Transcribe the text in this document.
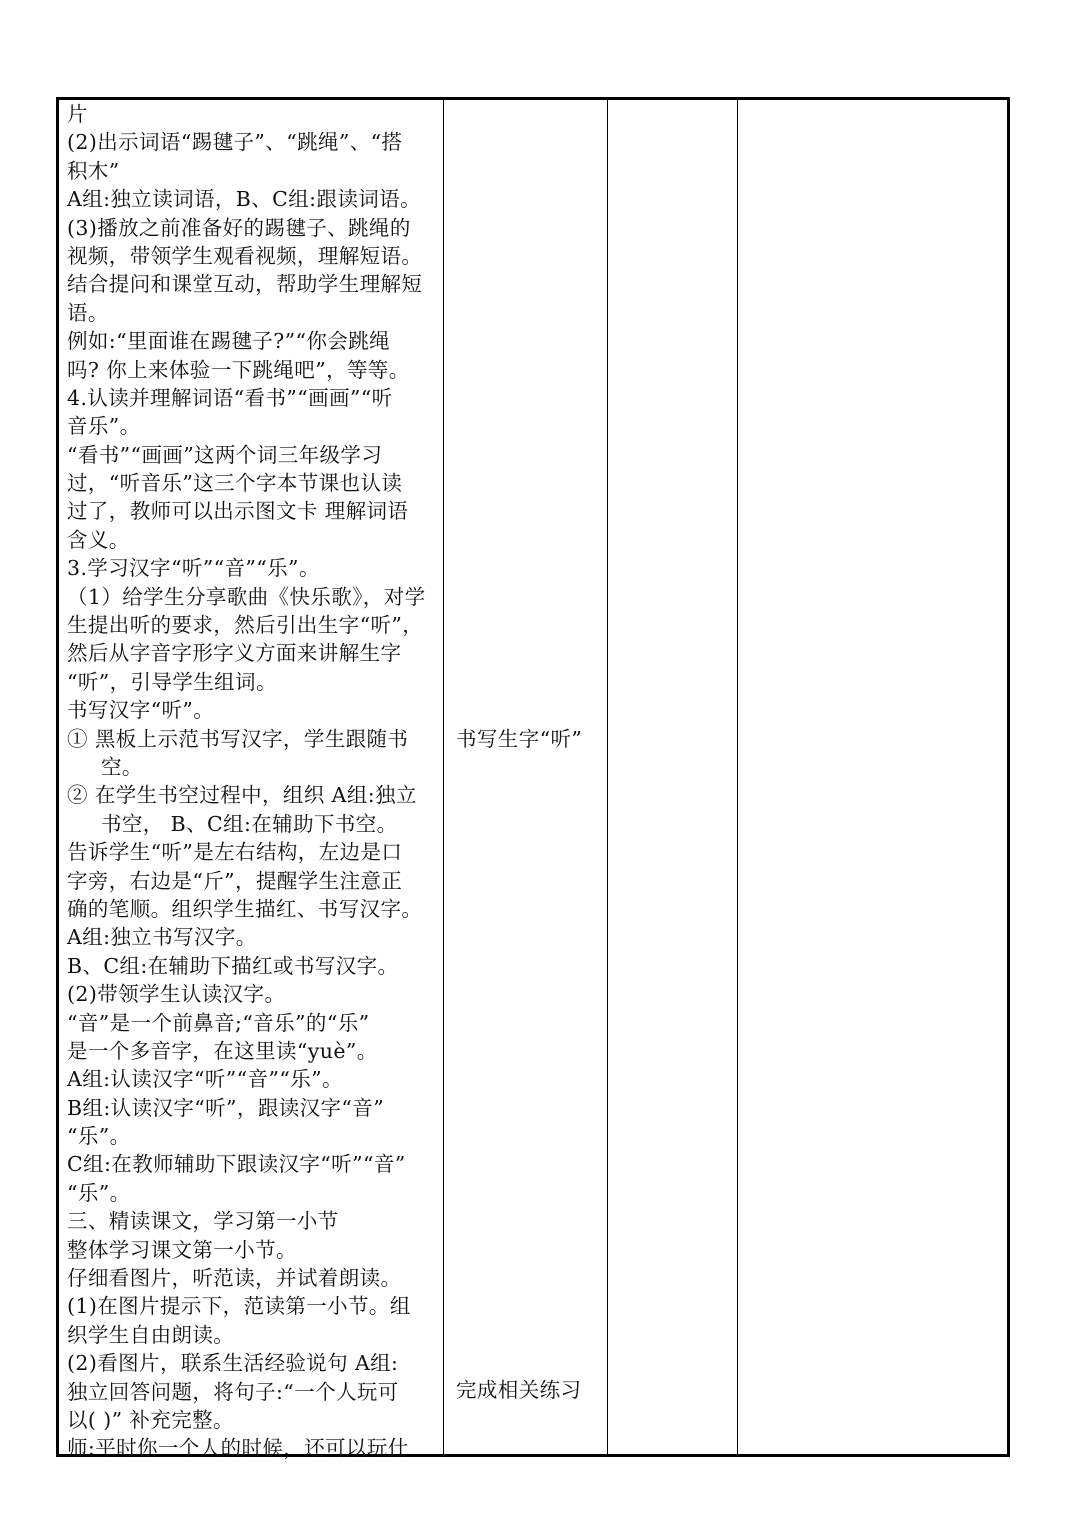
片
(2)出示词语“踢毽子”、“跳绳”、“搭
积木”
A组:独立读词语，B、C组:跟读词语。
(3)播放之前准备好的踢毽子、跳绳的
视频，带领学生观看视频，理解短语。
结合提问和课堂互动，帮助学生理解短
语。
例如:“里面谁在踢毽子?”“你会跳绳
吗? 你上来体验一下跳绳吧”，等等。
4.认读并理解词语“看书”“画画”“听
音乐”。
“看书”“画画”这两个词三年级学习
过，“听音乐”这三个字本节课也认读
过了，教师可以出示图文卡 理解词语
含义。
3.学习汉字“听”“音”“乐”。
（1）给学生分享歌曲《快乐歌》，对学
生提出听的要求，然后引出生字“听”，
然后从字音字形字义方面来讲解生字
“听”，引导学生组词。
书写汉字“听”。
① 黑板上示范书写汉字，学生跟随书
空。
② 在学生书空过程中，组织 A组:独立
书空， B、C组:在辅助下书空。
告诉学生“听”是左右结构，左边是口
字旁，右边是“斤”，提醒学生注意正
确的笔顺。组织学生描红、书写汉字。
A组:独立书写汉字。
B、C组:在辅助下描红或书写汉字。
(2)带领学生认读汉字。
“音”是一个前鼻音;“音乐”的“乐”
是一个多音字，在这里读“yuè”。
A组:认读汉字“听”“音”“乐”。
B组:认读汉字“听”，跟读汉字“音”
“乐”。
C组:在教师辅助下跟读汉字“听”“音”
“乐”。
三、精读课文，学习第一小节
整体学习课文第一小节。
仔细看图片，听范读，并试着朗读。
(1)在图片提示下，范读第一小节。组
织学生自由朗读。
(2)看图片，联系生活经验说句 A组:
独立回答问题，将句子:“一个人玩可
以( )” 补充完整。
师:平时你一个人的时候，还可以玩什
书写生字“听”
完成相关练习
